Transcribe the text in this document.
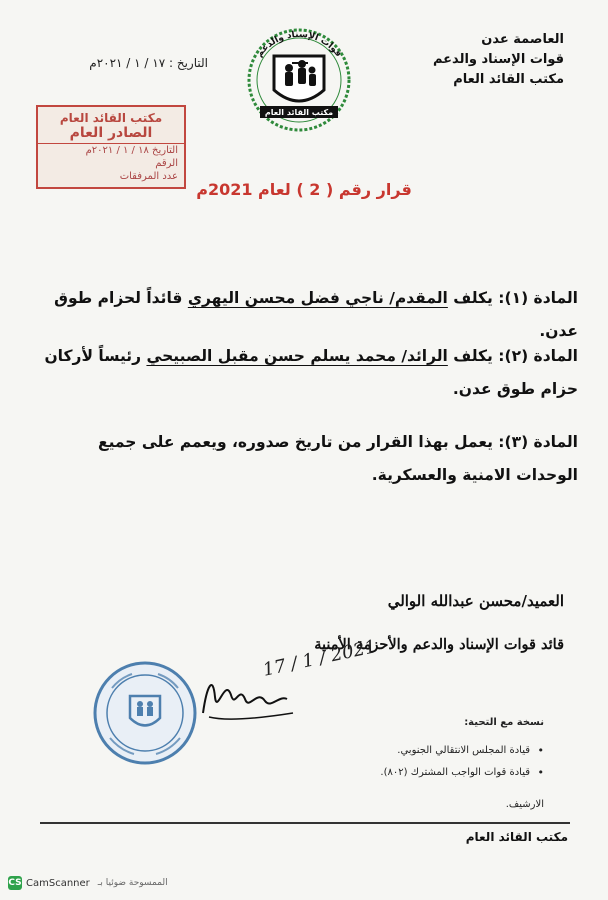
العاصمة عدن
قوات الإسناد والدعم
مكتب القائد العام
التاريخ : ١٧ / ١ / ٢٠٢١م
قوات الإسناد والدعم
مكتب القائد العام
مكتب القائد العام
الصادر العام
التاريخ ١٨ / ١ / ٢٠٢١م
الرقم
عدد المرفقات
قرار رقم ( 2 ) لعام 2021م
المادة (١): يكلف المقدم/ ناجي فضل محسن اليهري قائداً لحزام طوق عدن.
المادة (٢): يكلف الرائد/ محمد يسلم حسن مقبل الصبيحي رئيساً لأركان حزام طوق عدن.
المادة (٣): يعمل بهذا القرار من تاريخ صدوره، ويعمم على جميع الوحدات الامنية والعسكرية.
العميد/محسن عبدالله الوالي
قائد قوات الإسناد والدعم والأحزمة الأمنية
17 / 1 / 2021
نسخة مع التحية:
• قيادة المجلس الانتقالي الجنوبي.
• قيادة قوات الواجب المشترك (٨٠٢).
الارشيف.
مكتب القائد العام
CS CamScanner الممسوحة ضوئيا بـ
